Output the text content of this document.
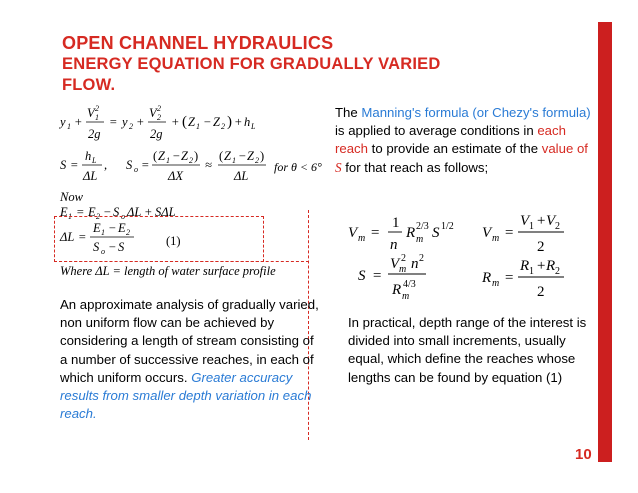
OPEN CHANNEL HYDRAULICS
ENERGY EQUATION FOR GRADUALLY VARIED
FLOW.
y 1 +
V 1
2
2g
= y 2 +
V 2
2
2g
+ ( Z 1 − Z 2 ) + h L
S =
h L
ΔL
, S o =
( Z 1 − Z 2 )
ΔX
≈
( Z 1 − Z 2 )
ΔL
for θ < 6°
Now
E 1 = E 2 − S o ΔL + SΔL
ΔL =
E 1 − E 2
S o − S	(1)
Where ΔL = length of water surface profile
An approximate analysis of gradually varied, non uniform flow can be achieved by considering a length of stream consisting of a number of successive reaches, in each of which uniform occurs. Greater accuracy results from smaller depth variation in each reach.
The Manning's formula (or Chezy's formula) is applied to average conditions in each reach to provide an estimate of the value of S for that reach as follows;
V m =
1
n
R m
2/3 S 1/2 V m =
V 1 + V 2
2
S =
V m
2 n 2
R m
4/3	R m =
R 1 + R 2
2
In practical, depth range of the interest is divided into small increments, usually equal, which define the reaches whose lengths can be found by equation (1)
10
